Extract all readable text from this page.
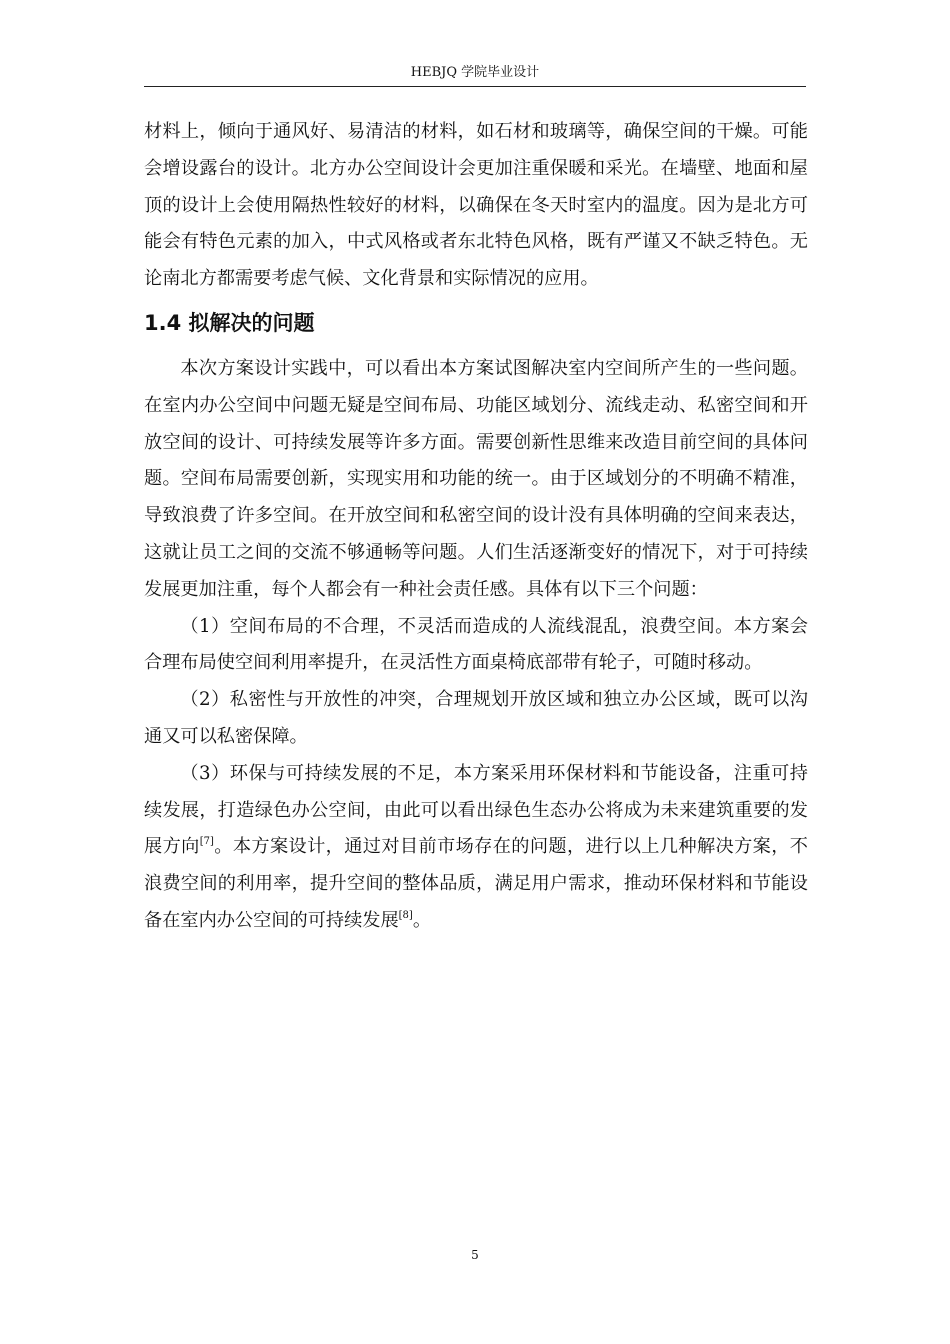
HEBJQ 学院毕业设计

材料上，倾向于通风好、易清洁的材料，如石材和玻璃等，确保空间的干燥。可能会增设露台的设计。北方办公空间设计会更加注重保暖和采光。在墙壁、地面和屋顶的设计上会使用隔热性较好的材料，以确保在冬天时室内的温度。因为是北方可能会有特色元素的加入，中式风格或者东北特色风格，既有严谨又不缺乏特色。无论南北方都需要考虑气候、文化背景和实际情况的应用。

1.4 拟解决的问题

本次方案设计实践中，可以看出本方案试图解决室内空间所产生的一些问题。在室内办公空间中问题无疑是空间布局、功能区域划分、流线走动、私密空间和开放空间的设计、可持续发展等许多方面。需要创新性思维来改造目前空间的具体问题。空间布局需要创新，实现实用和功能的统一。由于区域划分的不明确不精准，导致浪费了许多空间。在开放空间和私密空间的设计没有具体明确的空间来表达，这就让员工之间的交流不够通畅等问题。人们生活逐渐变好的情况下，对于可持续发展更加注重，每个人都会有一种社会责任感。具体有以下三个问题：

（1）空间布局的不合理，不灵活而造成的人流线混乱，浪费空间。本方案会合理布局使空间利用率提升，在灵活性方面桌椅底部带有轮子，可随时移动。

（2）私密性与开放性的冲突，合理规划开放区域和独立办公区域，既可以沟通又可以私密保障。

（3）环保与可持续发展的不足，本方案采用环保材料和节能设备，注重可持续发展，打造绿色办公空间，由此可以看出绿色生态办公将成为未来建筑重要的发展方向[7]。本方案设计，通过对目前市场存在的问题，进行以上几种解决方案，不浪费空间的利用率，提升空间的整体品质，满足用户需求，推动环保材料和节能设备在室内办公空间的可持续发展[8]。

5
